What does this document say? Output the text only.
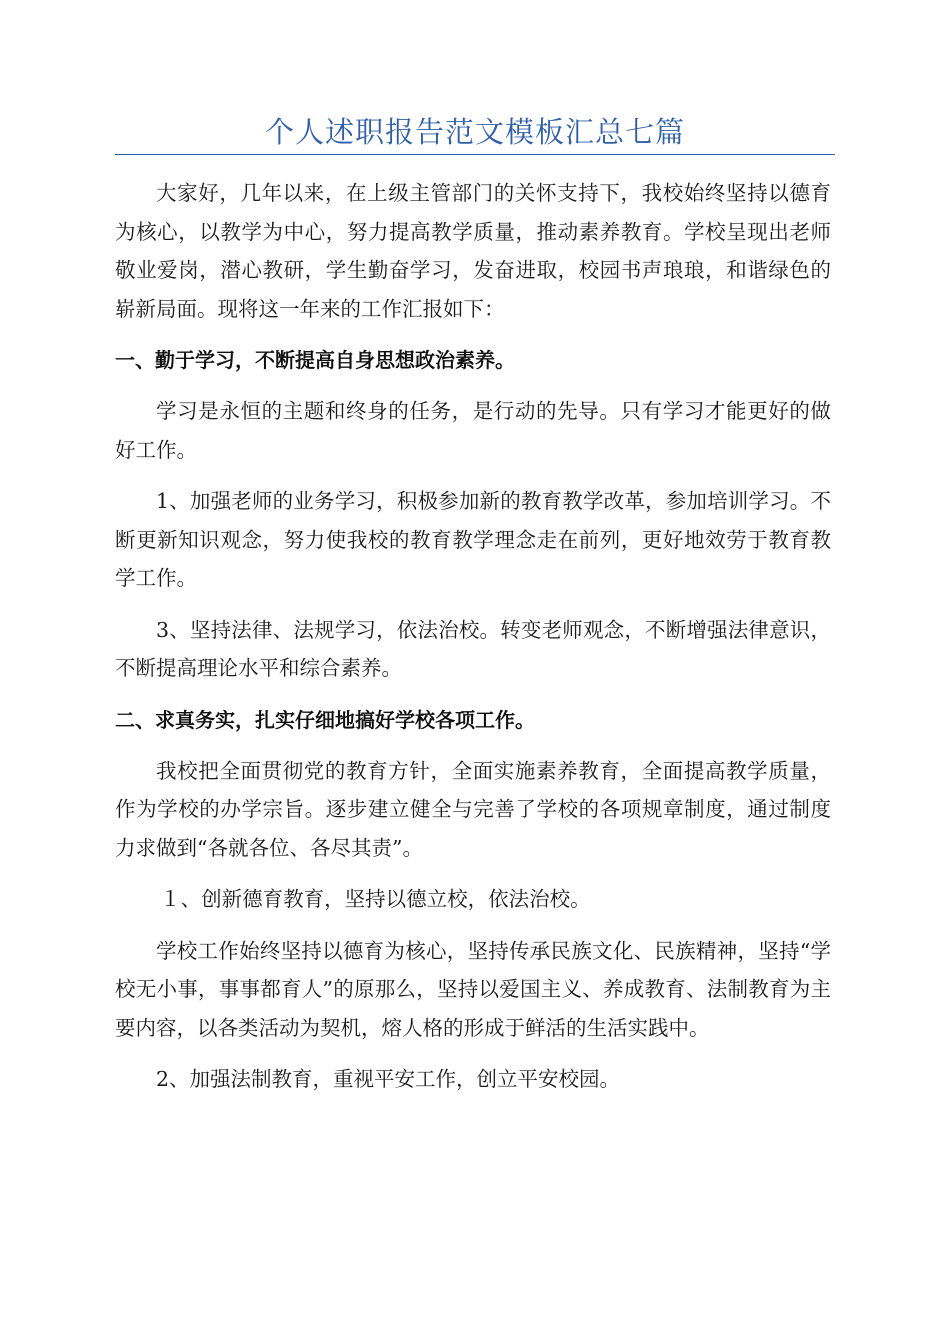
个人述职报告范文模板汇总七篇

大家好，几年以来，在上级主管部门的关怀支持下，我校始终坚持以德育为核心，以教学为中心，努力提高教学质量，推动素养教育。学校呈现出老师敬业爱岗，潜心教研，学生勤奋学习，发奋进取，校园书声琅琅，和谐绿色的崭新局面。现将这一年来的工作汇报如下：

一、勤于学习，不断提高自身思想政治素养。

学习是永恒的主题和终身的任务，是行动的先导。只有学习才能更好的做好工作。

1、加强老师的业务学习，积极参加新的教育教学改革，参加培训学习。不断更新知识观念，努力使我校的教育教学理念走在前列，更好地效劳于教育教学工作。

3、坚持法律、法规学习，依法治校。转变老师观念，不断增强法律意识，不断提高理论水平和综合素养。

二、求真务实，扎实仔细地搞好学校各项工作。

我校把全面贯彻党的教育方针，全面实施素养教育，全面提高教学质量，作为学校的办学宗旨。逐步建立健全与完善了学校的各项规章制度，通过制度力求做到“各就各位、各尽其责”。

１、创新德育教育，坚持以德立校，依法治校。

学校工作始终坚持以德育为核心，坚持传承民族文化、民族精神，坚持“学校无小事，事事都育人”的原那么，坚持以爱国主义、养成教育、法制教育为主要内容，以各类活动为契机，熔人格的形成于鲜活的生活实践中。

2、加强法制教育，重视平安工作，创立平安校园。
